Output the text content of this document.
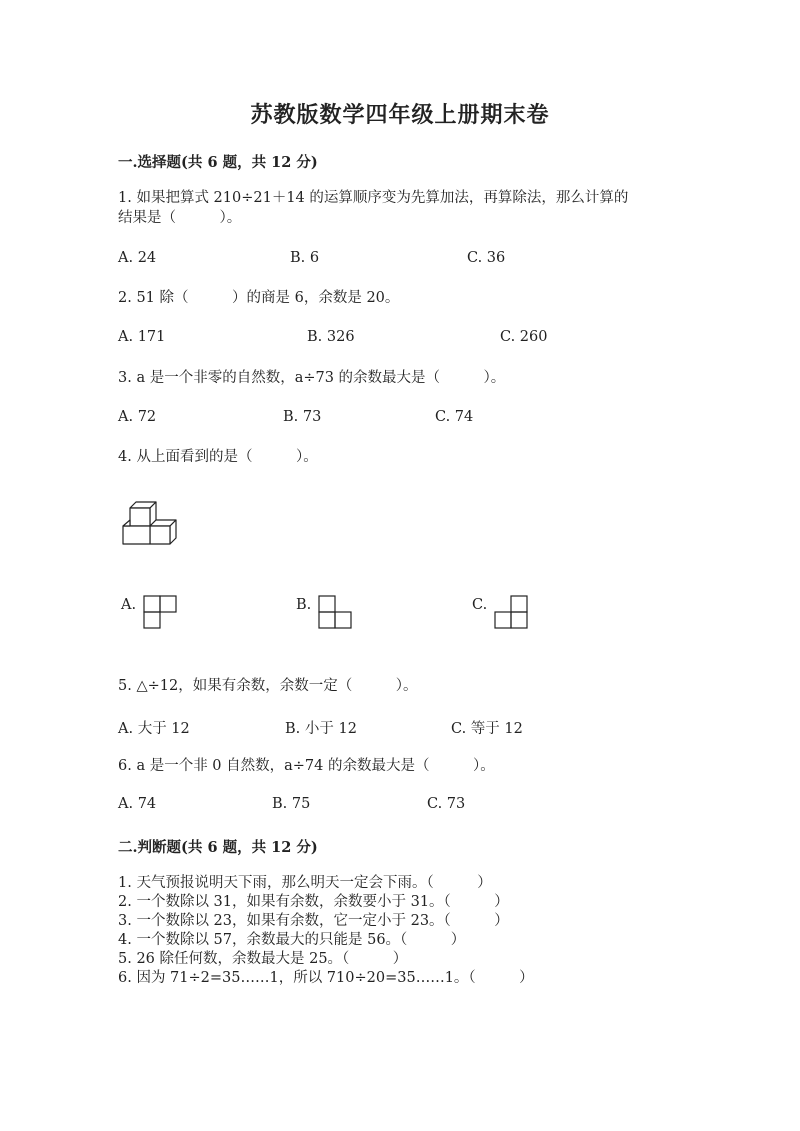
苏教版数学四年级上册期末卷
一.选择题(共 6 题，共 12 分)
1. 如果把算式 210÷21＋14 的运算顺序变为先算加法，再算除法，那么计算的
结果是（　　　）。
A. 24	B. 6	C. 36
2. 51 除（　　　）的商是 6，余数是 20。
A. 171	B. 326	C. 260
3. a 是一个非零的自然数，a÷73 的余数最大是（　　　）。
A. 72	B. 73	C. 74
4. 从上面看到的是（　　　）。
A.	B.	C.
5. △÷12，如果有余数，余数一定（　　　）。
A. 大于 12	B. 小于 12	C. 等于 12
6. a 是一个非 0 自然数，a÷74 的余数最大是（　　　）。
A. 74	B. 75	C. 73
二.判断题(共 6 题，共 12 分)
1. 天气预报说明天下雨，那么明天一定会下雨。（　　　）
2. 一个数除以 31，如果有余数，余数要小于 31。（　　　）
3. 一个数除以 23，如果有余数，它一定小于 23。（　　　）
4. 一个数除以 57，余数最大的只能是 56。（　　　）
5. 26 除任何数，余数最大是 25。（　　　）
6. 因为 71÷2=35……1，所以 710÷20=35……1。（　　　）
